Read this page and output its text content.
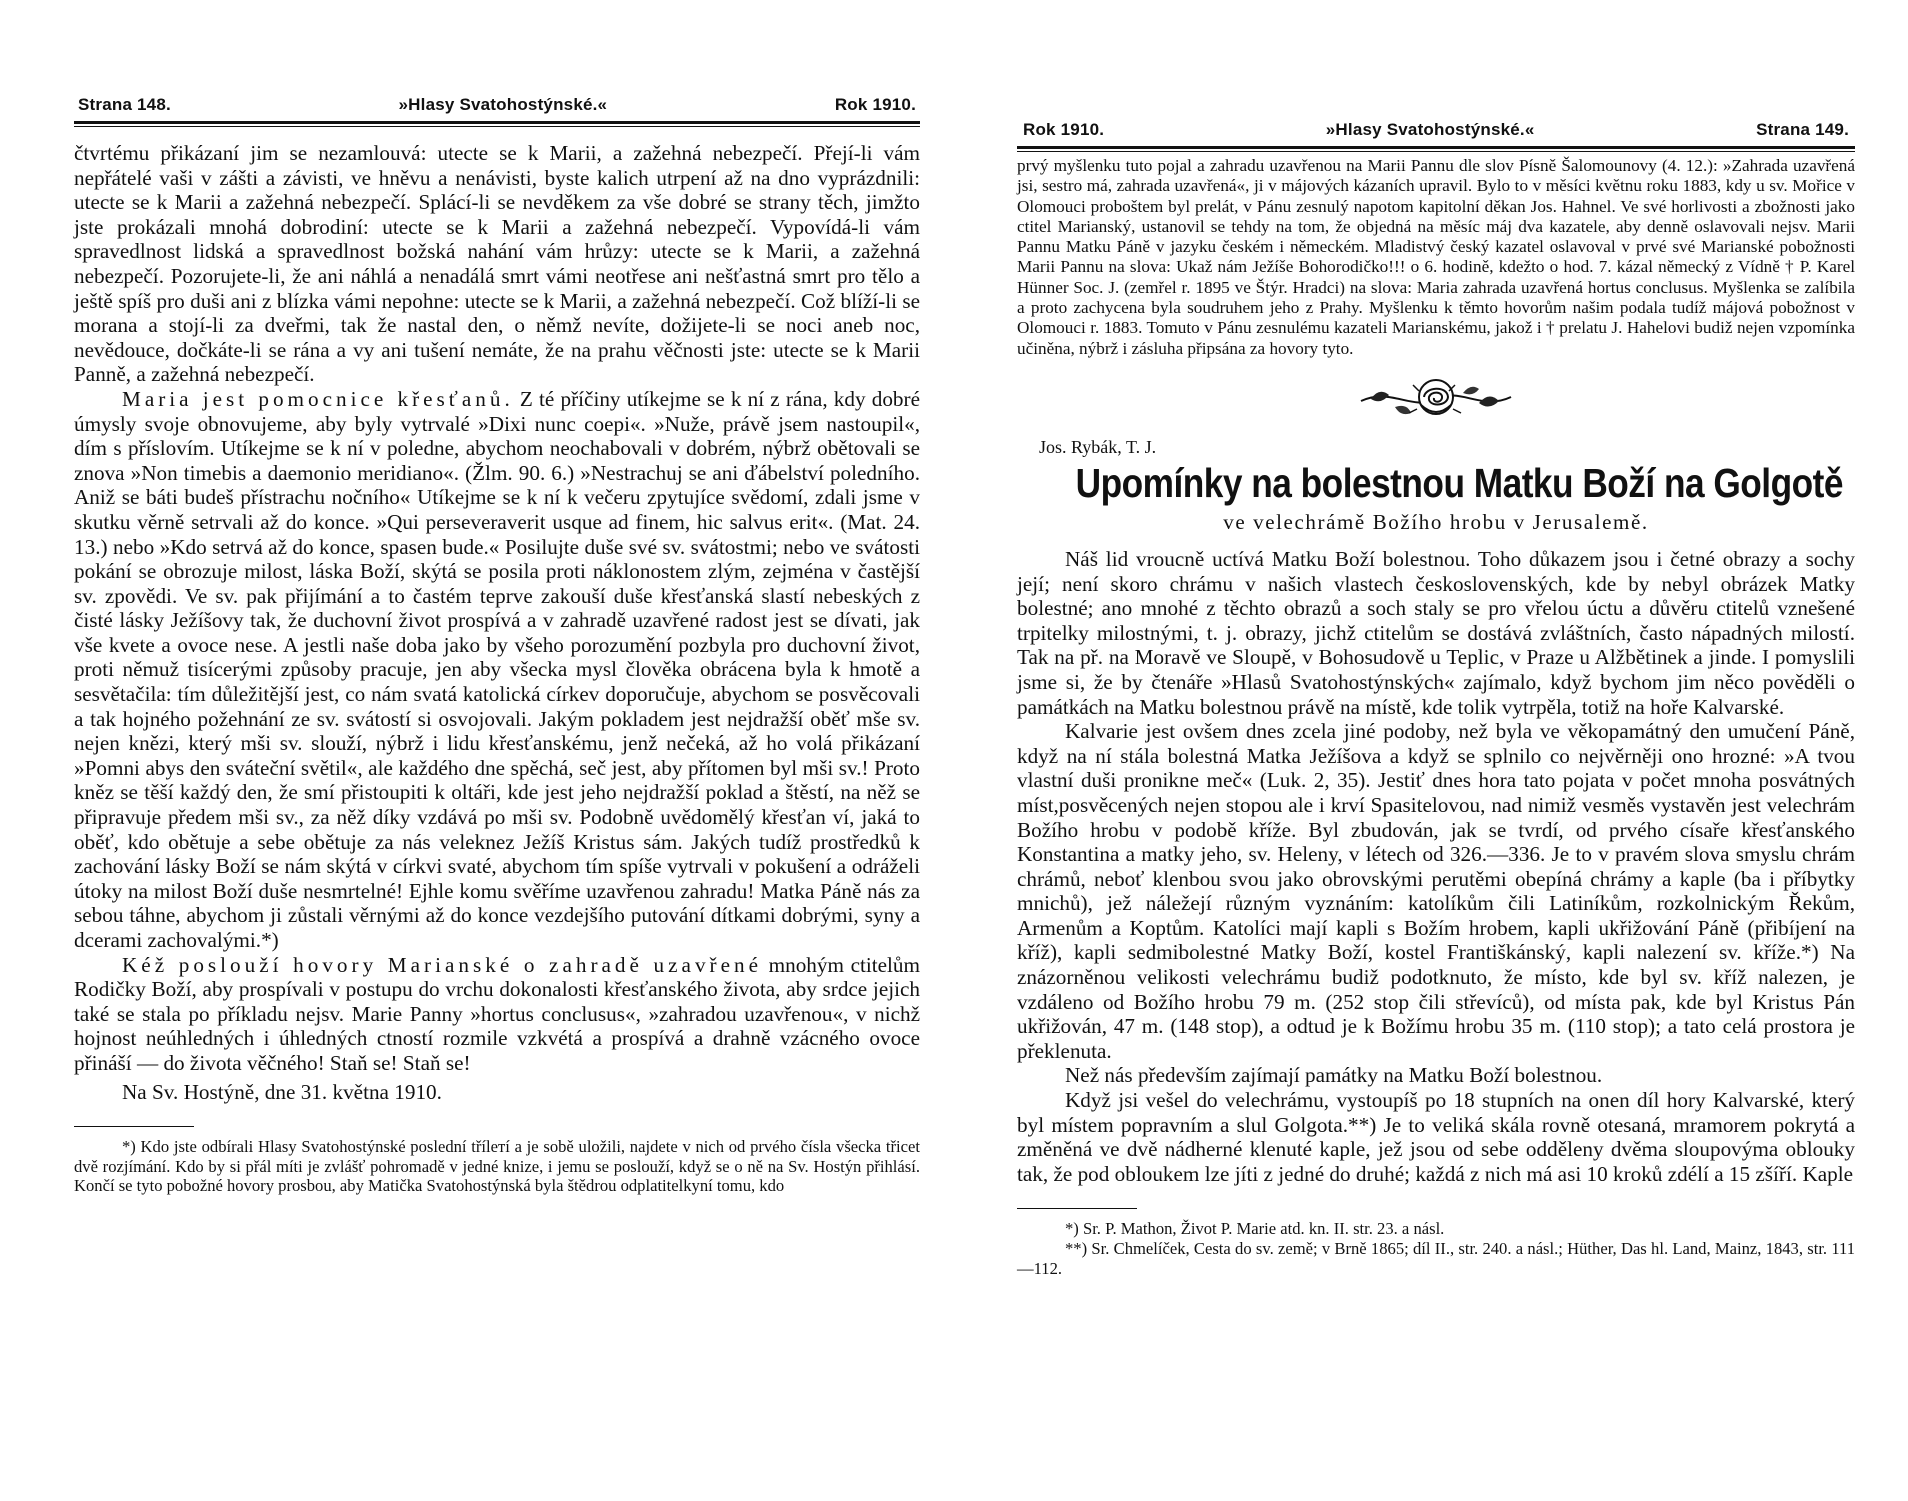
Strana 148.	»Hlasy Svatohostýnské.«	Rok 1910.

čtvrtému přikázaní jim se nezamlouvá: utecte se k Marii, a zažehná nebezpečí. Přejí-li vám nepřátelé vaši v zášti a závisti, ve hněvu a nenávisti, byste kalich utrpení až na dno vyprázdnili: utecte se k Marii a zažehná nebezpečí. Splácí-li se nevděkem za vše dobré se strany těch, jimžto jste prokázali mnohá dobrodiní: utecte se k Marii a zažehná nebezpečí. Vypovídá-li vám spravedlnost lidská a spravedlnost božská nahání vám hrůzy: utecte se k Marii, a zažehná nebezpečí. Pozorujete-li, že ani náhlá a nenadálá smrt vámi neotřese ani nešťastná smrt pro tělo a ještě spíš pro duši ani z blízka vámi nepohne: utecte se k Marii, a zažehná nebezpečí. Což blíží-li se morana a stojí-li za dveřmi, tak že nastal den, o němž nevíte, dožijete-li se noci aneb noc, nevědouce, dočkáte-li se rána a vy ani tušení nemáte, že na prahu věčnosti jste: utecte se k Marii Panně, a zažehná nebezpečí.

Maria jest pomocnice křesťanů. Z té příčiny utíkejme se k ní z rána, kdy dobré úmysly svoje obnovujeme, aby byly vytrvalé »Dixi nunc coepi«. »Nuže, právě jsem nastoupil«, dím s příslovím. Utíkejme se k ní v poledne, abychom neochabovali v dobrém, nýbrž obětovali se znova »Non timebis a daemonio meridiano«. (Žlm. 90. 6.) »Nestrachuj se ani ďábelství poledního. Aniž se báti budeš přístrachu nočního« Utíkejme se k ní k večeru zpytujíce svědomí, zdali jsme v skutku věrně setrvali až do konce. »Qui perseveraverit usque ad finem, hic salvus erit«. (Mat. 24. 13.) nebo »Kdo setrvá až do konce, spasen bude.« Posilujte duše své sv. svátostmi; nebo ve svátosti pokání se obrozuje milost, láska Boží, skýtá se posila proti náklonostem zlým, zejména v častější sv. zpovědi. Ve sv. pak přijímání a to častém teprve zakouší duše křesťanská slastí nebeských z čisté lásky Ježíšovy tak, že duchovní život prospívá a v zahradě uzavřené radost jest se dívati, jak vše kvete a ovoce nese. A jestli naše doba jako by všeho porozumění pozbyla pro duchovní život, proti němuž tisícerými způsoby pracuje, jen aby všecka mysl člověka obrácena byla k hmotě a sesvětačila: tím důležitější jest, co nám svatá katolická církev doporučuje, abychom se posvěcovali a tak hojného požehnání ze sv. svátostí si osvojovali. Jakým pokladem jest nejdražší oběť mše sv. nejen knězi, který mši sv. slouží, nýbrž i lidu křesťanskému, jenž nečeká, až ho volá přikázaní »Pomni abys den sváteční světil«, ale každého dne spěchá, seč jest, aby přítomen byl mši sv.! Proto kněz se těší každý den, že smí přistoupiti k oltáři, kde jest jeho nejdražší poklad a štěstí, na něž se připravuje předem mši sv., za něž díky vzdává po mši sv. Podobně uvědomělý křesťan ví, jaká to oběť, kdo obětuje a sebe obětuje za nás veleknez Ježíš Kristus sám. Jakých tudíž prostředků k zachování lásky Boží se nám skýtá v církvi svaté, abychom tím spíše vytrvali v pokušení a odráželi útoky na milost Boží duše nesmrtelné! Ejhle komu svěříme uzavřenou zahradu! Matka Páně nás za sebou táhne, abychom ji zůstali věrnými až do konce vezdejšího putování dítkami dobrými, syny a dcerami zachovalými.*)

Kéž poslouží hovory Marianské o zahradě uzavřené mnohým ctitelům Rodičky Boží, aby prospívali v postupu do vrchu dokonalosti křesťanského života, aby srdce jejich také se stala po příkladu nejsv. Marie Panny »hortus conclusus«, »zahradou uzavřenou«, v nichž hojnost neúhledných i úhledných ctností rozmile vzkvétá a prospívá a drahně vzácného ovoce přináší — do života věčného! Staň se! Staň se!

Na Sv. Hostýně, dne 31. května 1910.

*) Kdo jste odbírali Hlasy Svatohostýnské poslední třílетí a je sobě uložili, najdete v nich od prvého čísla všecka třicet dvě rozjímání. Kdo by si přál míti je zvlášť pohromadě v jedné knize, i jemu se poslouží, když se o ně na Sv. Hostýn přihlásí. Končí se tyto pobožné hovory prosbou, aby Matička Svatohostýnská byla štědrou odplatitelkyní tomu, kdo

Rok 1910.	»Hlasy Svatohostýnské.«	Strana 149.

prvý myšlenku tuto pojal a zahradu uzavřenou na Marii Pannu dle slov Písně Šalomounovy (4. 12.): »Zahrada uzavřená jsi, sestro má, zahrada uzavřená«, ji v májových kázaních upravil. Bylo to v měsíci květnu roku 1883, kdy u sv. Mořice v Olomouci proboštem byl prelát, v Pánu zesnulý napotom kapitolní děkan Jos. Hahnel. Ve své horlivosti a zbožnosti jako ctitel Marianský, ustanovil se tehdy na tom, že objedná na měsíc máj dva kazatele, aby denně oslavovali nejsv. Marii Pannu Matku Páně v jazyku českém i německém. Mladistvý český kazatel oslavoval v prvé své Marianské pobožnosti Marii Pannu na slova: Ukaž nám Ježíše Bohorodičko!!! o 6. hodině, kdežto o hod. 7. kázal německý z Vídně † P. Karel Hünner Soc. J. (zemřel r. 1895 ve Štýr. Hradci) na slova: Maria zahrada uzavřená hortus conclusus. Myšlenka se zalíbila a proto zachycena byla soudruhem jeho z Prahy. Myšlenku k těmto hovorům našim podala tudíž májová pobožnost v Olomouci r. 1883. Tomuto v Pánu zesnulému kazateli Marianskému, jakož i † prelatu J. Hahelovi budiž nejen vzpomínka učiněna, nýbrž i zásluha připsána za hovory tyto.

Jos. Rybák, T. J.
Upomínky na bolestnou Matku Boží na Golgotě
ve velechrámě Božího hrobu v Jerusalemě.

Náš lid vroucně uctívá Matku Boží bolestnou. Toho důkazem jsou i četné obrazy a sochy její; není skoro chrámu v našich vlastech československých, kde by nebyl obrázek Matky bolestné; ano mnohé z těchto obrazů a soch staly se pro vřelou úctu a důvěru ctitelů vznešené trpitelky milostnými, t. j. obrazy, jichž ctitelům se dostává zvláštních, často nápadných milostí. Tak na př. na Moravě ve Sloupě, v Bohosudově u Teplic, v Praze u Alžbětinek a jinde. I pomyslili jsme si, že by čtenáře »Hlasů Svatohostýnských« zajímalo, když bychom jim něco pověděli o památkách na Matku bolestnou právě na místě, kde tolik vytrpěla, totiž na hoře Kalvarské.

Kalvarie jest ovšem dnes zcela jiné podoby, než byla ve věkopamátný den umučení Páně, když na ní stála bolestná Matka Ježíšova a když se splnilo co nejvěrněji ono hrozné: »A tvou vlastní duši pronikne meč« (Luk. 2, 35). Jestiť dnes hora tato pojata v počet mnoha posvátných míst,posvěcených nejen stopou ale i krví Spasitelovou, nad nimiž vesměs vystavěn jest velechrám Božího hrobu v podobě kříže. Byl zbudován, jak se tvrdí, od prvého císaře křesťanského Konstantina a matky jeho, sv. Heleny, v létech od 326.—336. Je to v pravém slova smyslu chrám chrámů, neboť klenbou svou jako obrovskými perutěmi obepíná chrámy a kaple (ba i příbytky mnichů), jež náležejí různým vyznáním: katolíkům čili Latiníkům, rozkolnickým Řekům, Armenům a Koptům. Katolíci mají kapli s Božím hrobem, kapli ukřižování Páně (přibíjení na kříž), kapli sedmibolestné Matky Boží, kostel Františkánský, kapli nalezení sv. kříže.*) Na znázorněnou velikosti velechrámu budiž podotknuto, že místo, kde byl sv. kříž nalezen, je vzdáleno od Božího hrobu 79 m. (252 stop čili střevíců), od místa pak, kde byl Kristus Pán ukřižován, 47 m. (148 stop), a odtud je k Božímu hrobu 35 m. (110 stop); a tato celá prostora je překlenuta.

Než nás především zajímají památky na Matku Boží bolestnou.

Když jsi vešel do velechrámu, vystoupíš po 18 stupních na onen díl hory Kalvarské, který byl místem popravním a slul Golgota.**) Je to veliká skála rovně otesaná, mramorem pokrytá a změněná ve dvě nádherné klenuté kaple, jež jsou od sebe odděleny dvěma sloupovýma oblouky tak, že pod obloukem lze jíti z jedné do druhé; každá z nich má asi 10 kroků zdélí a 15 zšíří. Kaple

*) Sr. P. Mathon, Život P. Marie atd. kn. II. str. 23. a násl.

**) Sr. Chmelíček, Cesta do sv. země; v Brně 1865; díl II., str. 240. a násl.; Hüther, Das hl. Land, Mainz, 1843, str. 111—112.
